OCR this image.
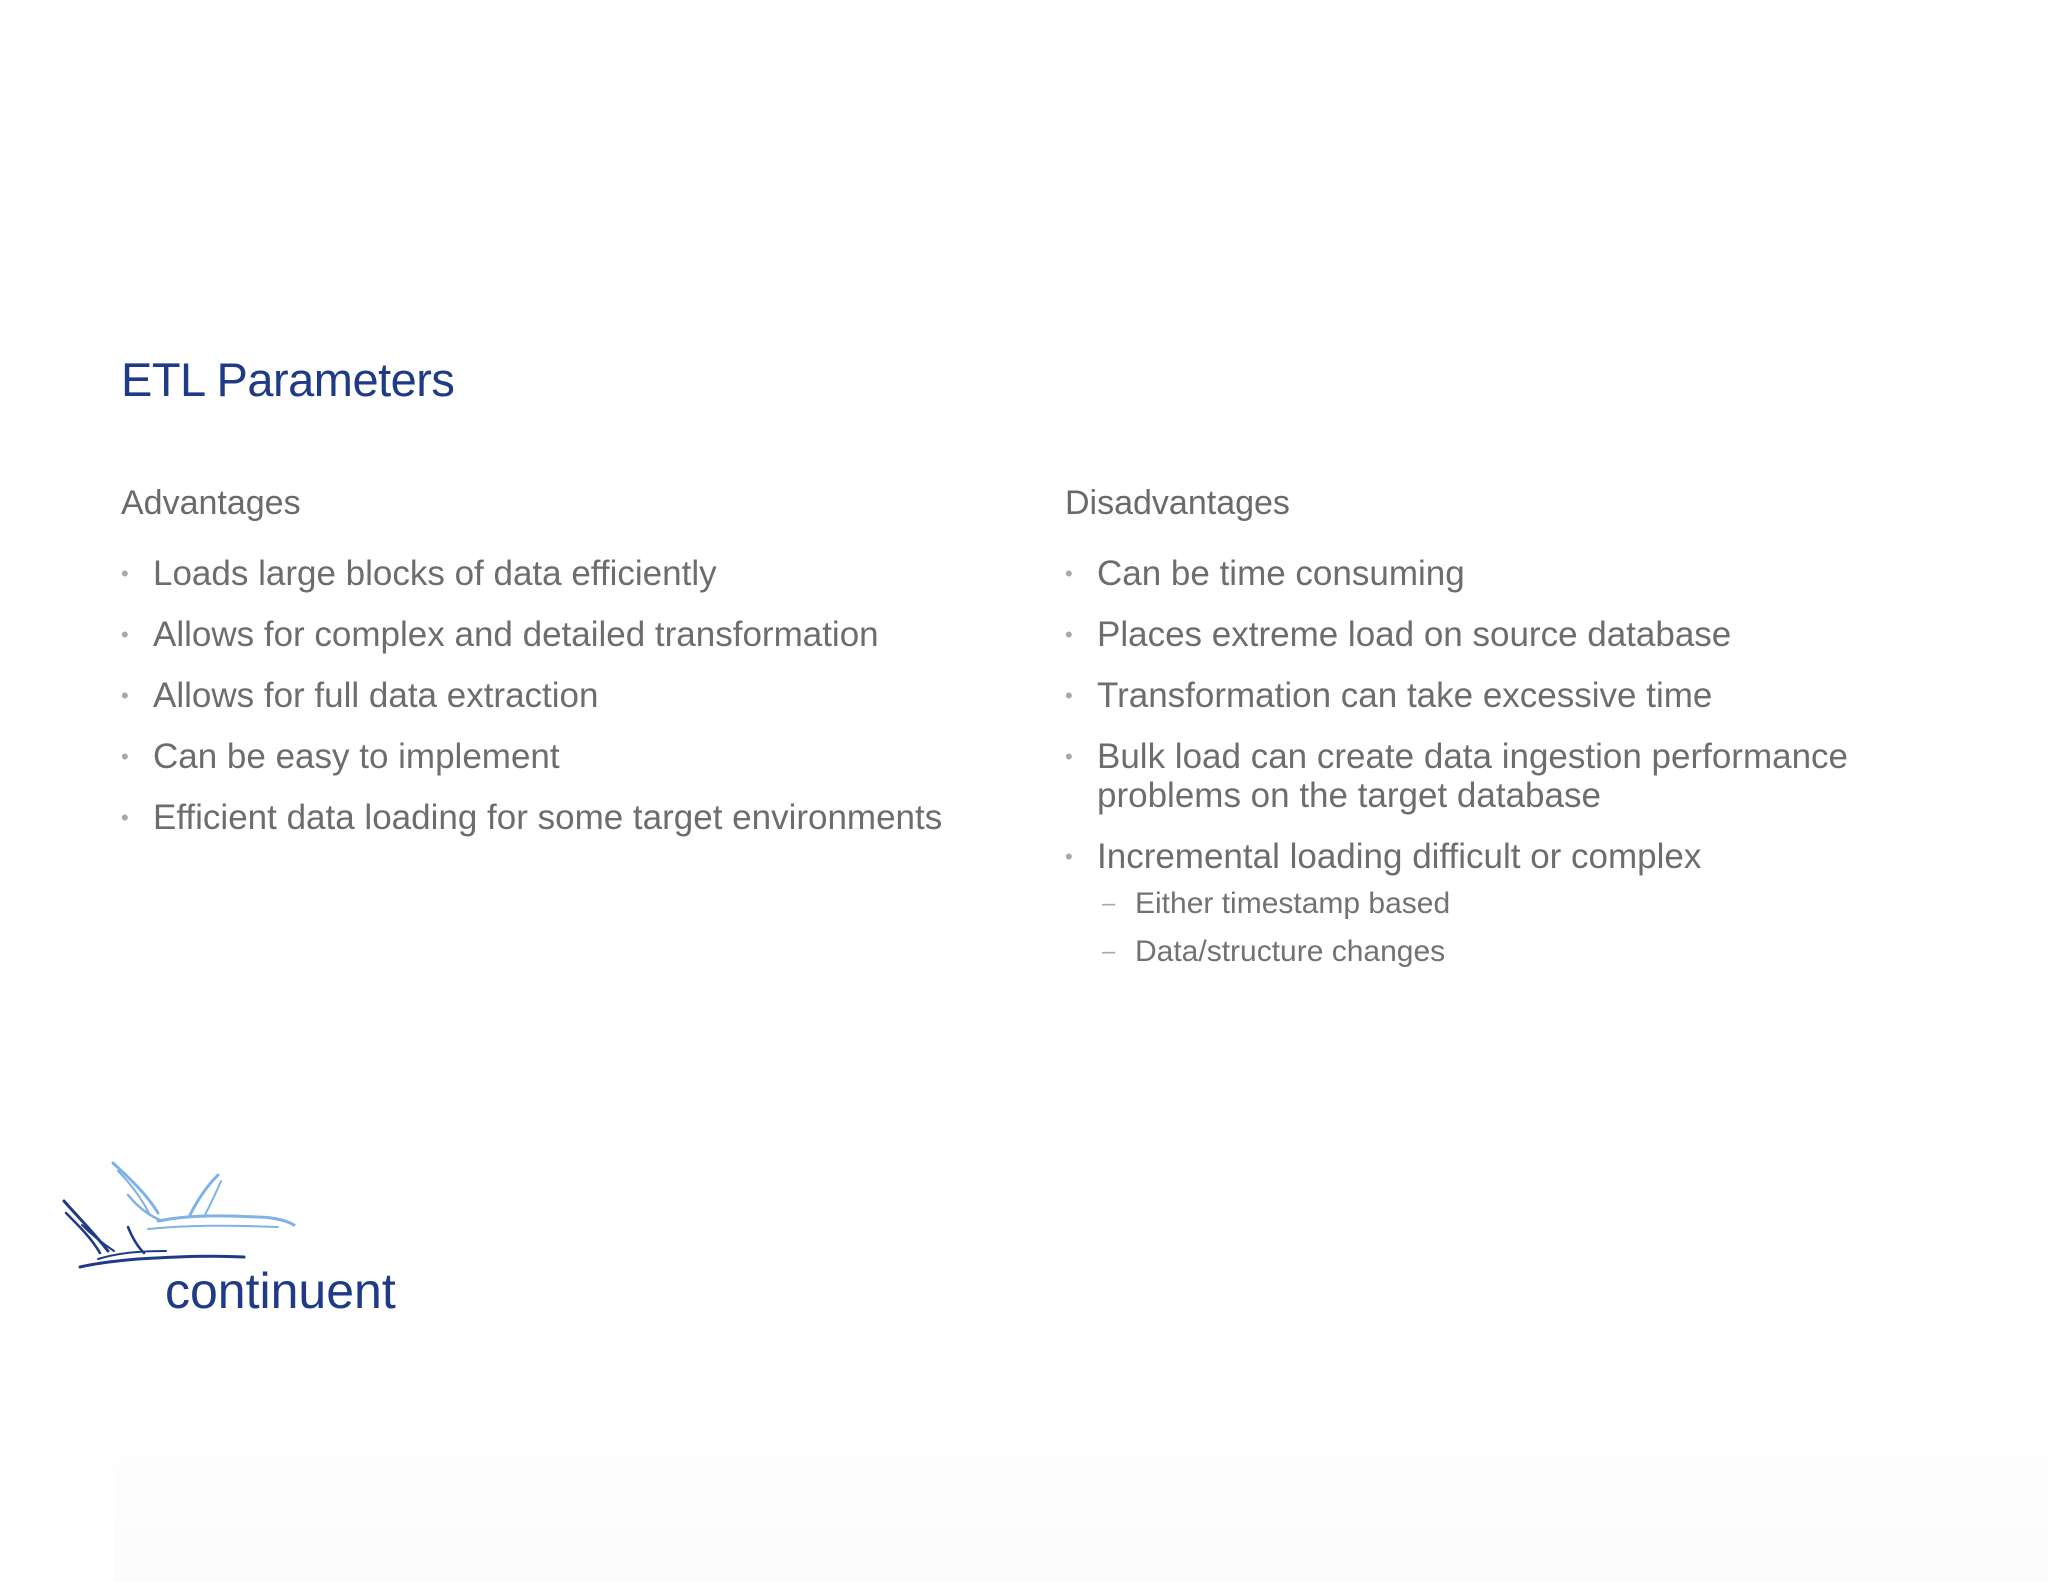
ETL Parameters
Advantages
• Loads large blocks of data efficiently
• Allows for complex and detailed transformation
• Allows for full data extraction
• Can be easy to implement
• Efficient data loading for some target environments
Disadvantages
• Can be time consuming
• Places extreme load on source database
• Transformation can take excessive time
• Bulk load can create data ingestion performance problems on the target database
• Incremental loading difficult or complex
– Either timestamp based
– Data/structure changes
continuent
